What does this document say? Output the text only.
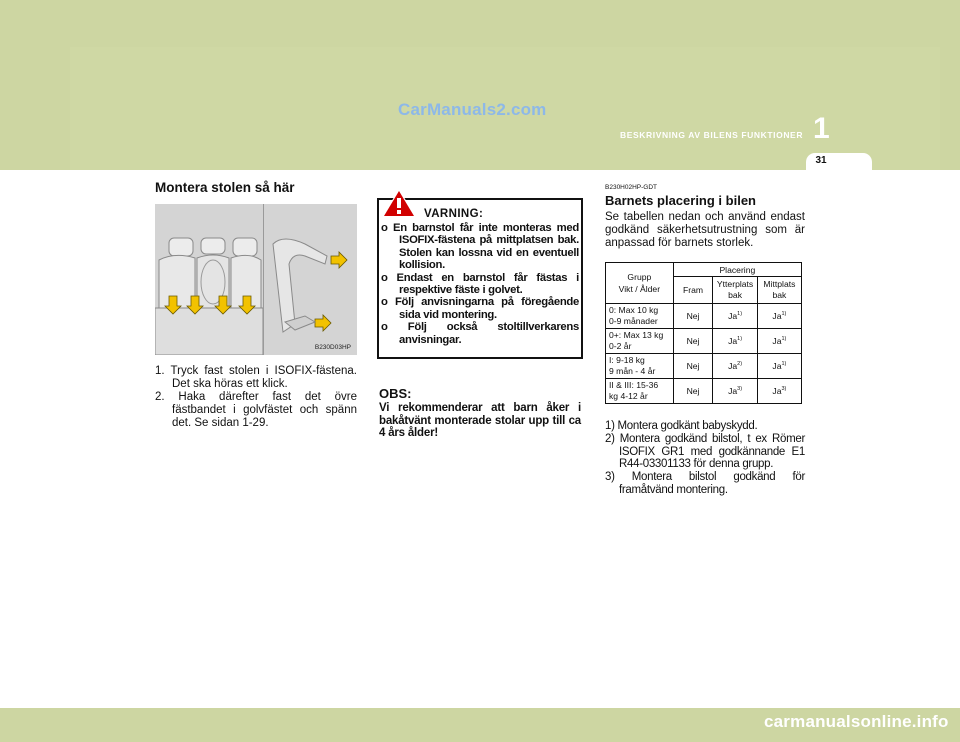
CarManuals2.com
BESKRIVNING AV BILENS FUNKTIONER 1
31
Montera stolen så här
B230D03HP
1. Tryck fast stolen i ISOFIX-fästena. Det ska höras ett klick.
2. Haka därefter fast det övre fästbandet i golvfästet och spänn det. Se sidan 1-29.
VARNING:
o En barnstol får inte monteras med ISOFIX-fästena på mittplatsen bak. Stolen kan lossna vid en eventuell kollision.
o Endast en barnstol får fästas i respektive fäste i golvet.
o Följ anvisningarna på föregående sida vid montering.
o Följ också stoltillverkarens anvisningar.
OBS:
Vi rekommenderar att barn åker i bakåtvänt monterade stolar upp till ca 4 års ålder!
B230H02HP-GDT
Barnets placering i bilen
Se tabellen nedan och använd endast godkänd säkerhetsutrustning som är anpassad för barnets storlek.
Grupp
Vikt / Ålder	Placering		
	Fram	Ytterplats
bak	Mittplats
bak
0: Max 10 kg
0-9 månader	Nej	Ja$^{1)}$	Ja$^{1)}$
0+: Max 13 kg
0-2 år	Nej	Ja$^{1)}$	Ja$^{1)}$
I: 9-18 kg
9 mån - 4 år	Nej	Ja$^{2)}$	Ja$^{1)}$
II & III: 15-36
kg 4-12 år	Nej	Ja$^{3)}$	Ja$^{3)}$
1) Montera godkänt babyskydd.
2) Montera godkänd bilstol, t ex Römer ISOFIX GR1 med godkännande E1 R44-03301133 för denna grupp.
3) Montera bilstol godkänd för framåtvänd montering.
carmanualsonline.info
